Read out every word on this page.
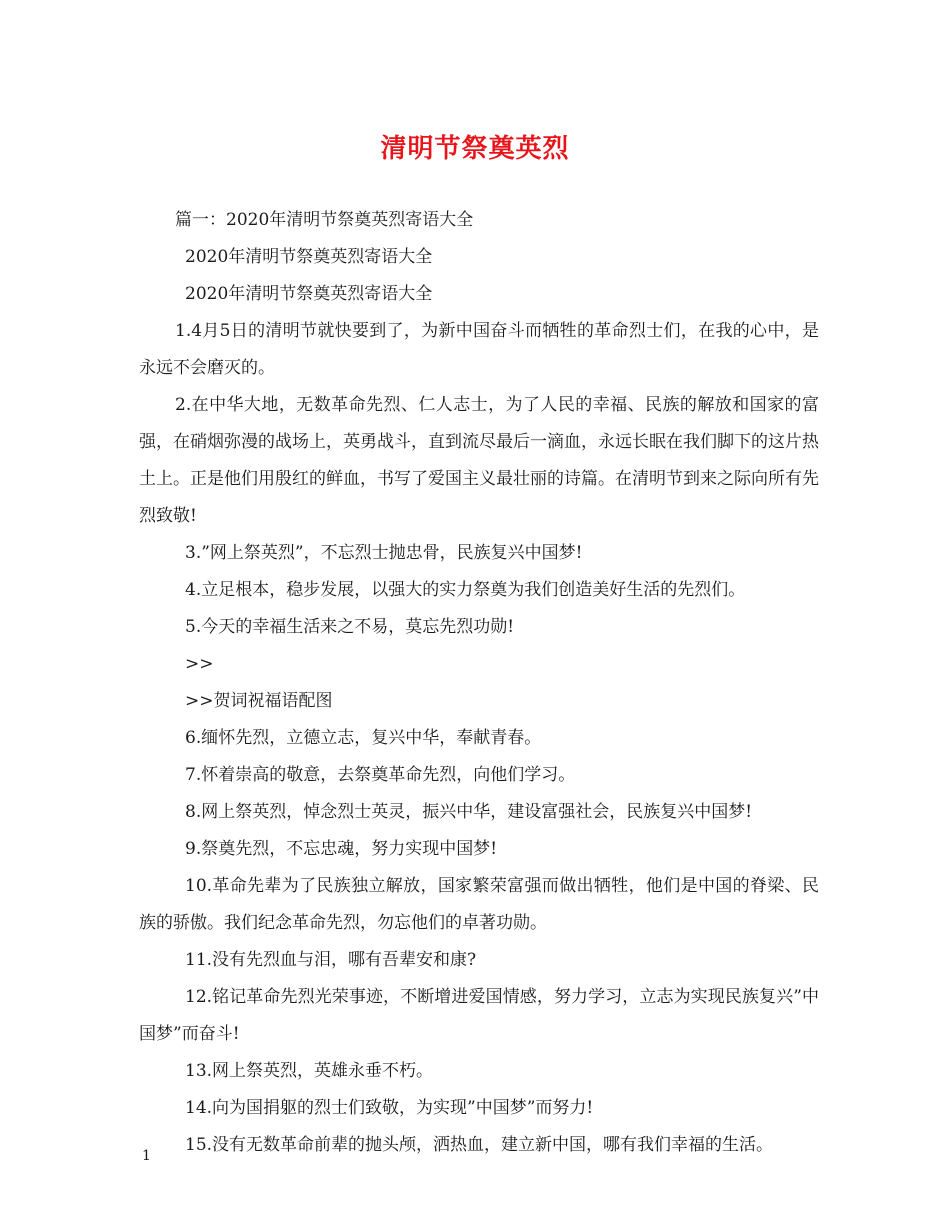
清明节祭奠英烈

篇一：2020年清明节祭奠英烈寄语大全

2020年清明节祭奠英烈寄语大全

2020年清明节祭奠英烈寄语大全

1.4月5日的清明节就快要到了，为新中国奋斗而牺牲的革命烈士们，在我的心中，是永远不会磨灭的。

2.在中华大地，无数革命先烈、仁人志士，为了人民的幸福、民族的解放和国家的富强，在硝烟弥漫的战场上，英勇战斗，直到流尽最后一滴血，永远长眠在我们脚下的这片热土上。正是他们用殷红的鲜血，书写了爱国主义最壮丽的诗篇。在清明节到来之际向所有先烈致敬!

3.”网上祭英烈”，不忘烈士抛忠骨，民族复兴中国梦!

4.立足根本，稳步发展，以强大的实力祭奠为我们创造美好生活的先烈们。

5.今天的幸福生活来之不易，莫忘先烈功勋!

>>

>>贺词祝福语配图

6.缅怀先烈，立德立志，复兴中华，奉献青春。

7.怀着崇高的敬意，去祭奠革命先烈，向他们学习。

8.网上祭英烈，悼念烈士英灵，振兴中华，建设富强社会，民族复兴中国梦!

9.祭奠先烈，不忘忠魂，努力实现中国梦!

10.革命先辈为了民族独立解放，国家繁荣富强而做出牺牲，他们是中国的脊梁、民族的骄傲。我们纪念革命先烈，勿忘他们的卓著功勋。

11.没有先烈血与泪，哪有吾辈安和康?

12.铭记革命先烈光荣事迹，不断增进爱国情感，努力学习，立志为实现民族复兴”中国梦”而奋斗!

13.网上祭英烈，英雄永垂不朽。

14.向为国捐躯的烈士们致敬，为实现”中国梦”而努力!

15.没有无数革命前辈的抛头颅，洒热血，建立新中国，哪有我们幸福的生活。

1
